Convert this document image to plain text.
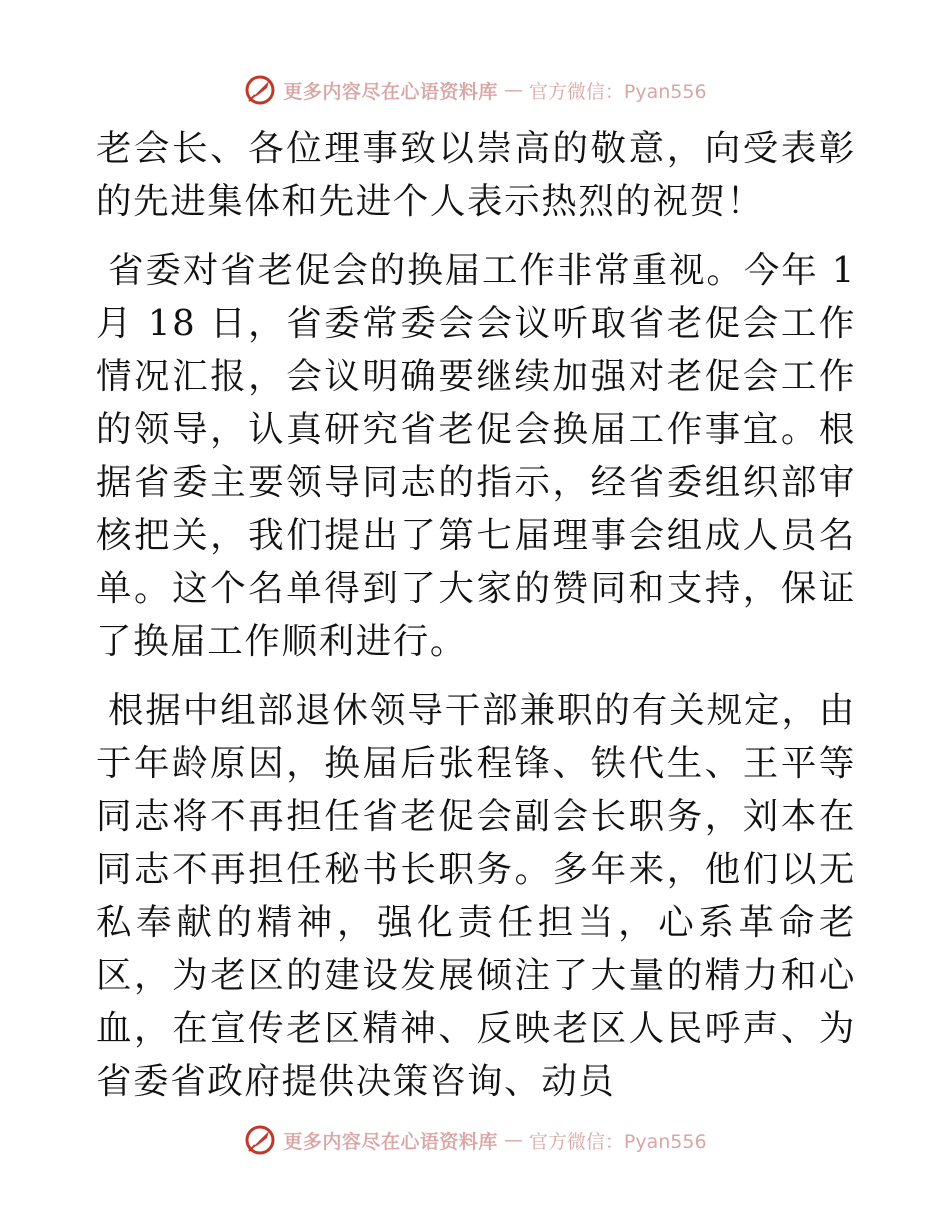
更多内容尽在心语资料库 — 官方微信：Pyan556

老会长、各位理事致以崇高的敬意，向受表彰的先进集体和先进个人表示热烈的祝贺！

省委对省老促会的换届工作非常重视。今年 1 月 18 日，省委常委会会议听取省老促会工作情况汇报，会议明确要继续加强对老促会工作的领导，认真研究省老促会换届工作事宜。根据省委主要领导同志的指示，经省委组织部审核把关，我们提出了第七届理事会组成人员名单。这个名单得到了大家的赞同和支持，保证了换届工作顺利进行。

根据中组部退休领导干部兼职的有关规定，由于年龄原因，换届后张程锋、铁代生、王平等同志将不再担任省老促会副会长职务，刘本在同志不再担任秘书长职务。多年来，他们以无私奉献的精神，强化责任担当，心系革命老区，为老区的建设发展倾注了大量的精力和心血，在宣传老区精神、反映老区人民呼声、为省委省政府提供决策咨询、动员

更多内容尽在心语资料库 — 官方微信：Pyan556
